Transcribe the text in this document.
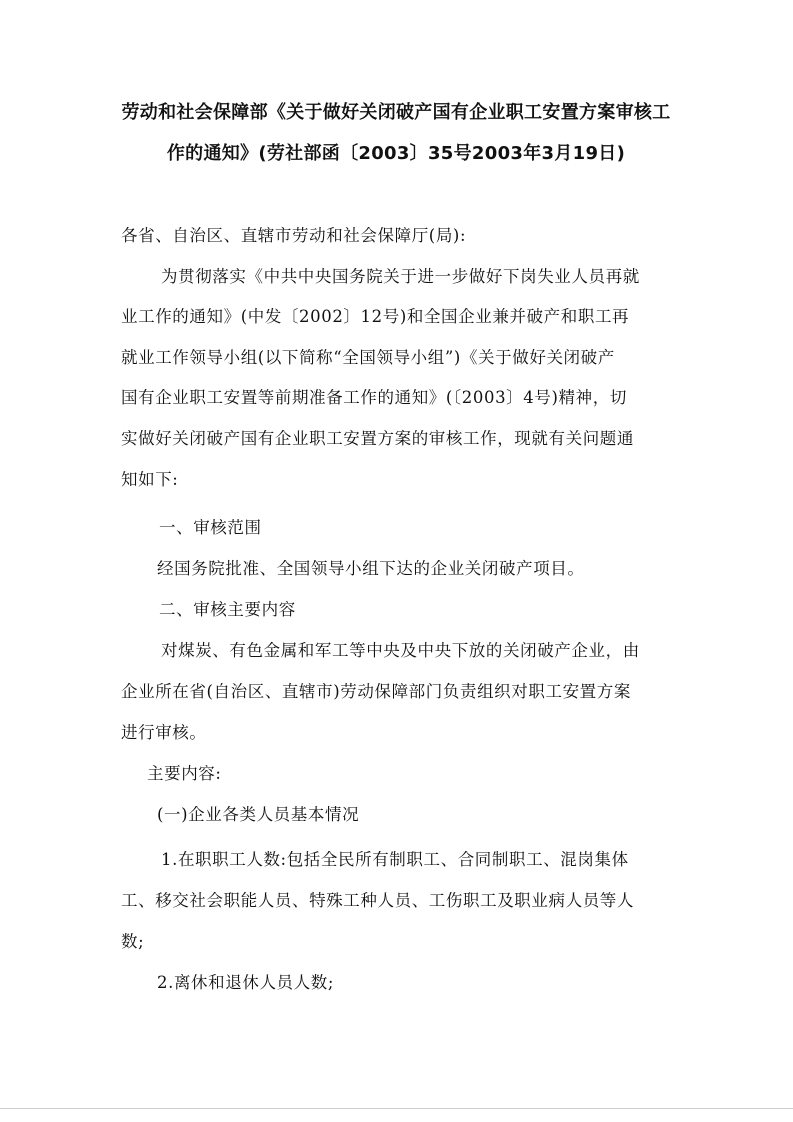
劳动和社会保障部《关于做好关闭破产国有企业职工安置方案审核工
作的通知》(劳社部函〔2003〕35号2003年3月19日)
各省、自治区、直辖市劳动和社会保障厅(局):
为贯彻落实《中共中央国务院关于进一步做好下岗失业人员再就
业工作的通知》(中发〔2002〕12号)和全国企业兼并破产和职工再
就业工作领导小组(以下简称“全国领导小组”)《关于做好关闭破产
国有企业职工安置等前期准备工作的通知》(〔2003〕4号)精神，切
实做好关闭破产国有企业职工安置方案的审核工作，现就有关问题通
知如下:
一、审核范围
经国务院批准、全国领导小组下达的企业关闭破产项目。
二、审核主要内容
对煤炭、有色金属和军工等中央及中央下放的关闭破产企业，由
企业所在省(自治区、直辖市)劳动保障部门负责组织对职工安置方案
进行审核。
主要内容:
(一)企业各类人员基本情况
1.在职职工人数:包括全民所有制职工、合同制职工、混岗集体
工、移交社会职能人员、特殊工种人员、工伤职工及职业病人员等人
数;
2.离休和退休人员人数;
